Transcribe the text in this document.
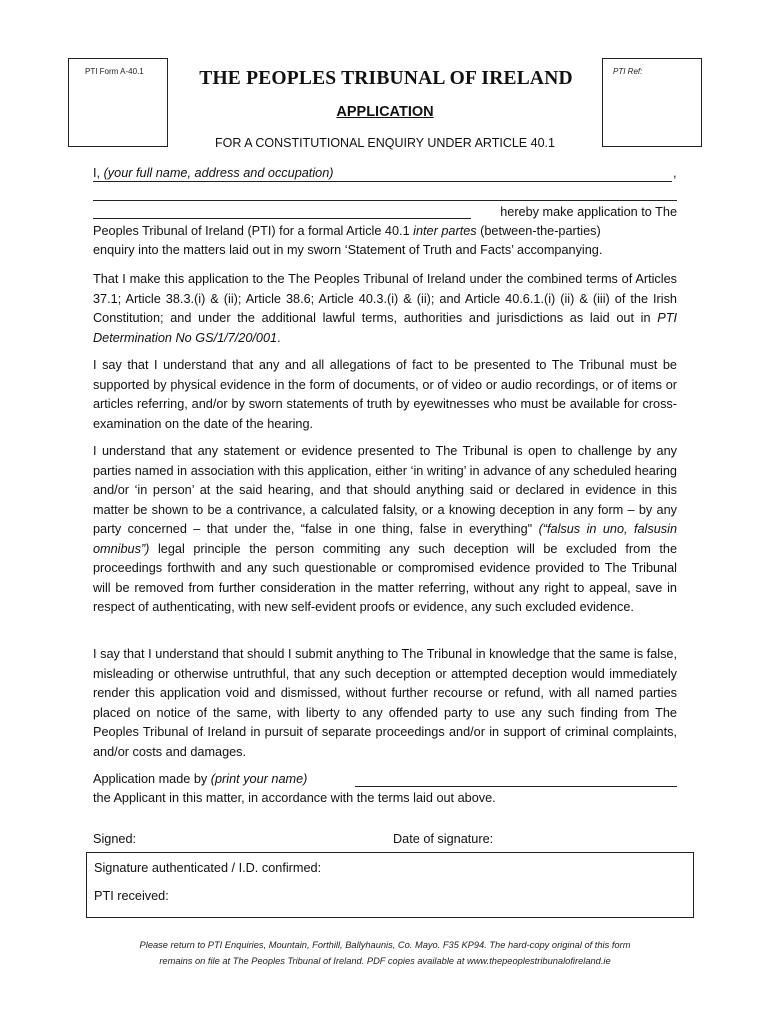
PTI Form A-40.1	PTI Ref:
THE PEOPLES TRIBUNAL OF IRELAND
APPLICATION
FOR A CONSTITUTIONAL ENQUIRY UNDER ARTICLE 40.1
I, (your full name, address and occupation)	,
hereby make application to The
Peoples Tribunal of Ireland (PTI) for a formal Article 40.1 inter partes (between-the-parties)
enquiry into the matters laid out in my sworn ‘Statement of Truth and Facts’ accompanying.

That I make this application to the The Peoples Tribunal of Ireland under the combined terms of Articles 37.1; Article 38.3.(i) & (ii); Article 38.6; Article 40.3.(i) & (ii); and Article 40.6.1.(i) (ii) & (iii) of the Irish Constitution; and under the additional lawful terms, authorities and jurisdictions as laid out in PTI Determination No GS/1/7/20/001.

I say that I understand that any and all allegations of fact to be presented to The Tribunal must be supported by physical evidence in the form of documents, or of video or audio recordings, or of items or articles referring, and/or by sworn statements of truth by eyewitnesses who must be available for cross-examination on the date of the hearing.

I understand that any statement or evidence presented to The Tribunal is open to challenge by any parties named in association with this application, either ‘in writing’ in advance of any scheduled hearing and/or ‘in person’ at the said hearing, and that should anything said or declared in evidence in this matter be shown to be a contrivance, a calculated falsity, or a knowing deception in any form – by any party concerned – that under the, “false in one thing, false in everything" (“falsus in uno, falsusin omnibus”) legal principle the person commiting any such deception will be excluded from the proceedings forthwith and any such questionable or compromised evidence provided to The Tribunal will be removed from further consideration in the matter referring, without any right to appeal, save in respect of authenticating, with new self-evident proofs or evidence, any such excluded evidence.

I say that I understand that should I submit anything to The Tribunal in knowledge that the same is false, misleading or otherwise untruthful, that any such deception or attempted deception would immediately render this application void and dismissed, without further recourse or refund, with all named parties placed on notice of the same, with liberty to any offended party to use any such finding from The Peoples Tribunal of Ireland in pursuit of separate proceedings and/or in support of criminal complaints, and/or costs and damages.

Application made by (print your name)
the Applicant in this matter, in accordance with the terms laid out above.
Signed:	Date of signature:
Signature authenticated / I.D. confirmed:
PTI received:
Please return to PTI Enquiries, Mountain, Forthill, Ballyhaunis, Co. Mayo. F35 KP94. The hard-copy original of this form
remains on file at The Peoples Tribunal of Ireland. PDF copies available at www.thepeoplestribunalofireland.ie
